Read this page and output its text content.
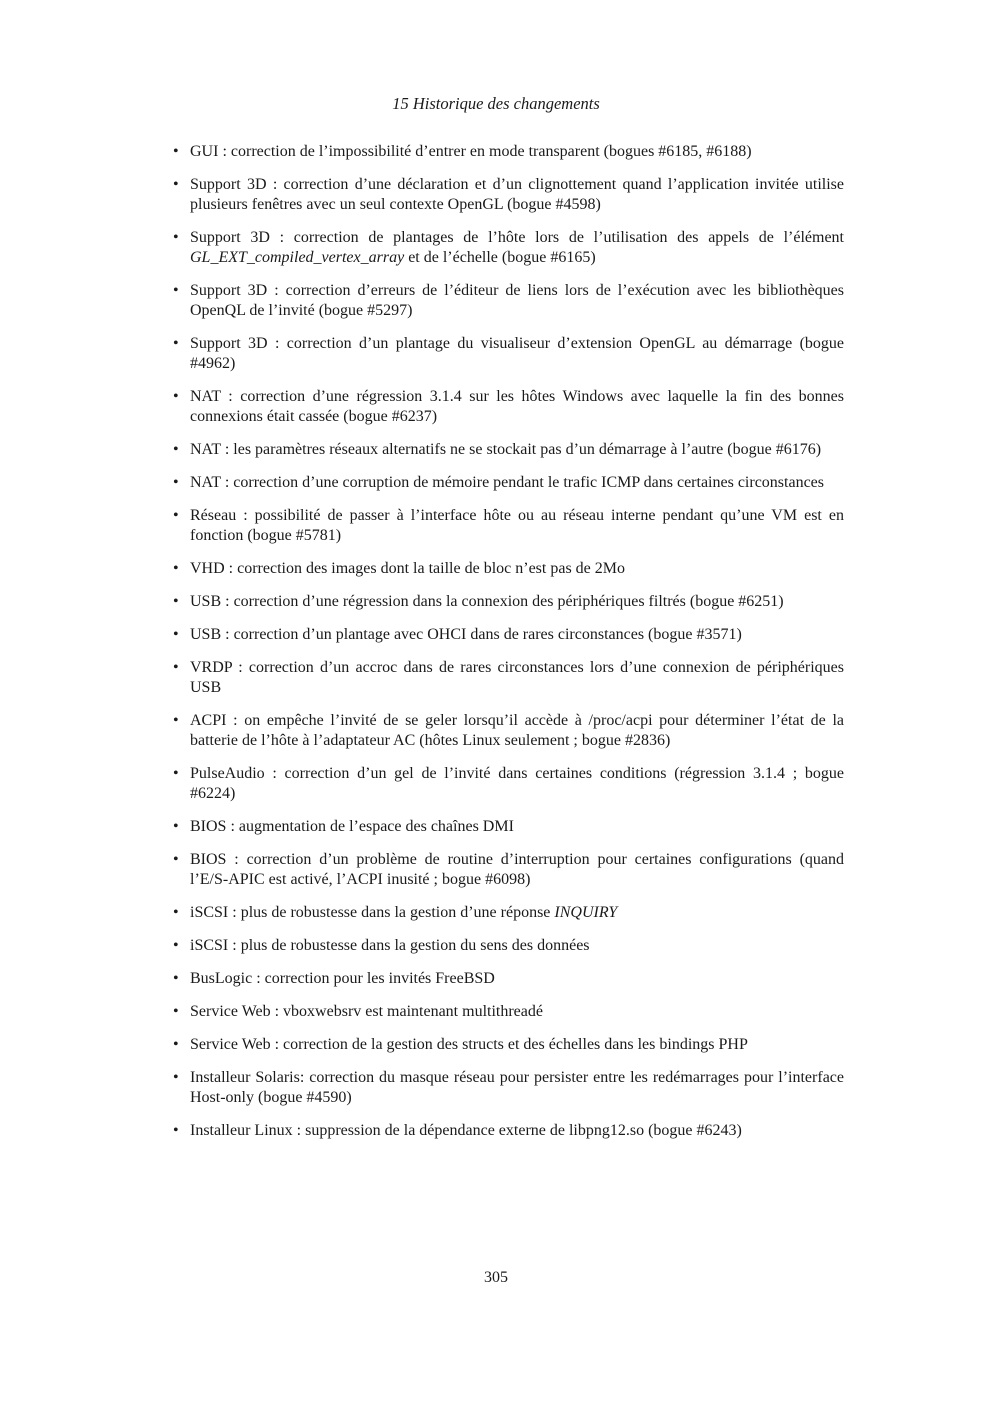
15 Historique des changements
• GUI : correction de l’impossibilité d’entrer en mode transparent (bogues #6185, #6188)
• Support 3D : correction d’une déclaration et d’un clignottement quand l’application invitée utilise plusieurs fenêtres avec un seul contexte OpenGL (bogue #4598)
• Support 3D : correction de plantages de l’hôte lors de l’utilisation des appels de l’élément GL_EXT_compiled_vertex_array et de l’échelle (bogue #6165)
• Support 3D : correction d’erreurs de l’éditeur de liens lors de l’exécution avec les bibliothèques OpenQL de l’invité (bogue #5297)
• Support 3D : correction d’un plantage du visualiseur d’extension OpenGL au démarrage (bogue #4962)
• NAT : correction d’une régression 3.1.4 sur les hôtes Windows avec laquelle la fin des bonnes connexions était cassée (bogue #6237)
• NAT : les paramètres réseaux alternatifs ne se stockait pas d’un démarrage à l’autre (bogue #6176)
• NAT : correction d’une corruption de mémoire pendant le trafic ICMP dans certaines circonstances
• Réseau : possibilité de passer à l’interface hôte ou au réseau interne pendant qu’une VM est en fonction (bogue #5781)
• VHD : correction des images dont la taille de bloc n’est pas de 2Mo
• USB : correction d’une régression dans la connexion des périphériques filtrés (bogue #6251)
• USB : correction d’un plantage avec OHCI dans de rares circonstances (bogue #3571)
• VRDP : correction d’un accroc dans de rares circonstances lors d’une connexion de périphériques USB
• ACPI : on empêche l’invité de se geler lorsqu’il accède à /proc/acpi pour déterminer l’état de la batterie de l’hôte à l’adaptateur AC (hôtes Linux seulement ; bogue #2836)
• PulseAudio : correction d’un gel de l’invité dans certaines conditions (régression 3.1.4 ; bogue #6224)
• BIOS : augmentation de l’espace des chaînes DMI
• BIOS : correction d’un problème de routine d’interruption pour certaines configurations (quand l’E/S-APIC est activé, l’ACPI inusité ; bogue #6098)
• iSCSI : plus de robustesse dans la gestion d’une réponse INQUIRY
• iSCSI : plus de robustesse dans la gestion du sens des données
• BusLogic : correction pour les invités FreeBSD
• Service Web : vboxwebsrv est maintenant multithreadé
• Service Web : correction de la gestion des structs et des échelles dans les bindings PHP
• Installeur Solaris: correction du masque réseau pour persister entre les redémarrages pour l’interface Host-only (bogue #4590)
• Installeur Linux : suppression de la dépendance externe de libpng12.so (bogue #6243)
305
